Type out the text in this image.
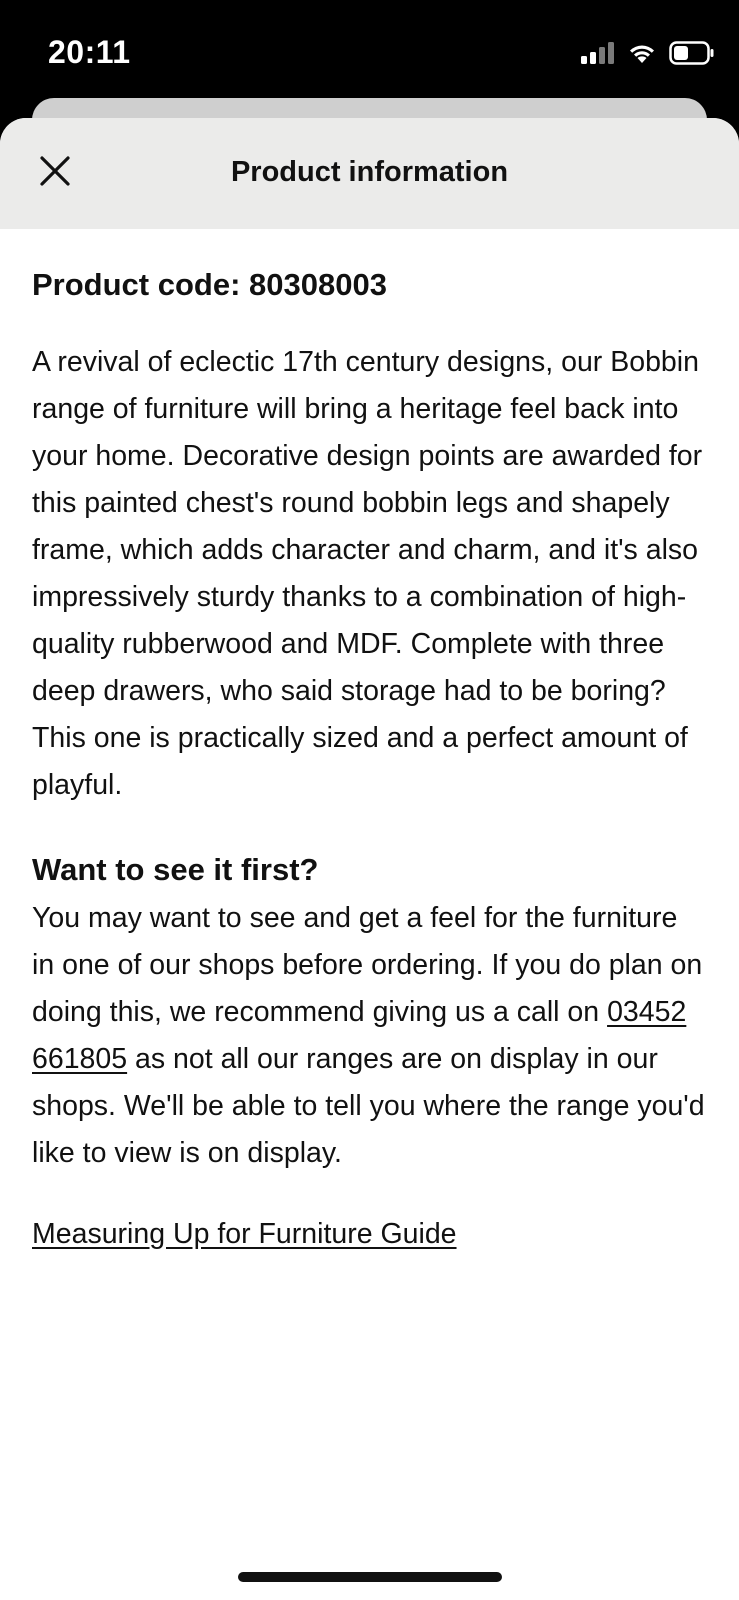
20:11
Product information

Product code: 80308003

A revival of eclectic 17th century designs, our Bobbin range of furniture will bring a heritage feel back into your home. Decorative design points are awarded for this painted chest's round bobbin legs and shapely frame, which adds character and charm, and it's also impressively sturdy thanks to a combination of high-quality rubberwood and MDF. Complete with three deep drawers, who said storage had to be boring? This one is practically sized and a perfect amount of playful.

Want to see it first?

You may want to see and get a feel for the furniture in one of our shops before ordering. If you do plan on doing this, we recommend giving us a call on 03452 661805 as not all our ranges are on display in our shops. We'll be able to tell you where the range you'd like to view is on display.

Measuring Up for Furniture Guide
